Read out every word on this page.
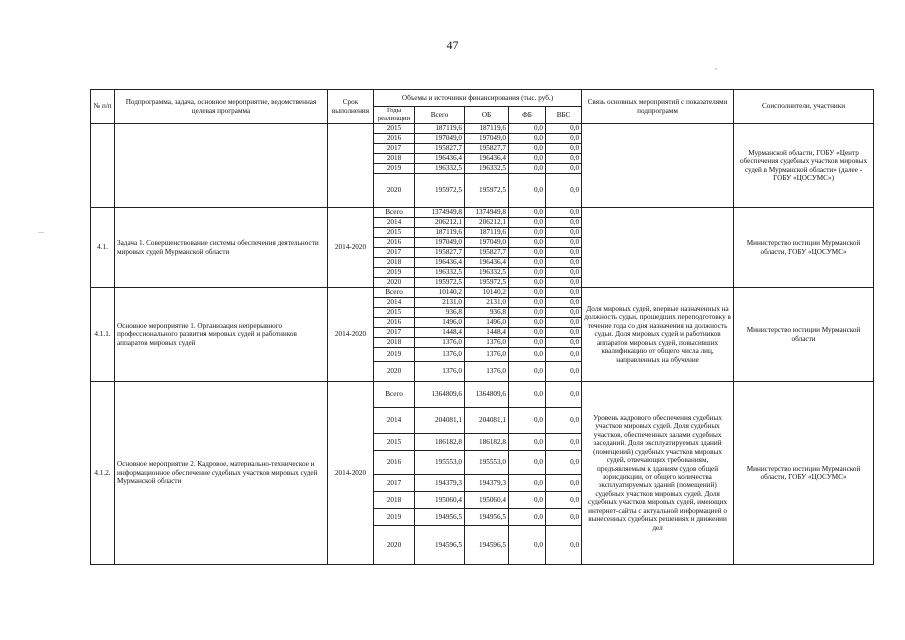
47
,
...
№ п/п	Подпрограмма, задача, основное мероприятие, ведомственная целевая программа	Срок выполнения	Объемы и источники финансирования (тыс. руб.)					Связь основных мероприятий с показателями подпрограмм	Соисполнители, участники
			Годы реализации	Всего	ОБ	ФБ	ВБС		
			2015	187119,6	187119,6	0,0	0,0		Мурманской области, ГОБУ «Центр обеспечения судебных участков мировых судей в Мурманской области» (далее - ГОБУ «ЦОСУМС»)
			2016	197049,0	197049,0	0,0	0,0		
			2017	195827,7	195827,7	0,0	0,0		
			2018	196436,4	196436,4	0,0	0,0		
			2019	196332,5	196332,5	0,0	0,0		
			2020	195972,5	195972,5	0,0	0,0		
4.1.	Задача 1. Совершенствование системы обеспечения деятельности мировых судей Мурманской области	2014-2020	Всего	1374949,8	1374949,8	0,0	0,0		Министерство юстиции Мурманской области, ГОБУ «ЦОСУМС»
			2014	206212,1	206212,1	0,0	0,0		
			2015	187119,6	187119,6	0,0	0,0		
			2016	197049,0	197049,0	0,0	0,0		
			2017	195827,7	195827,7	0,0	0,0		
			2018	196436,4	196436,4	0,0	0,0		
			2019	196332,5	196332,5	0,0	0,0		
			2020	195972,5	195972,5	0,0	0,0		
4.1.1.	Основное мероприятие 1. Организация непрерывного профессионального развития мировых судей и работников аппаратов мировых судей	2014-2020	Всего	10140,2	10140,2	0,0	0,0	Доля мировых судей, впервые назначенных на должность судьи, прошедших переподготовку в течение года со дня назначения на должность судьи. Доля мировых судей и работников аппаратов мировых судей, повысивших квалификацию от общего числа лиц, направленных на обучение	Министерство юстиции Мурманской области
			2014	2131,0	2131,0	0,0	0,0		
			2015	936,8	936,8	0,0	0,0		
			2016	1496,0	1496,0	0,0	0,0		
			2017	1448,4	1448,4	0,0	0,0		
			2018	1376,0	1376,0	0,0	0,0		
			2019	1376,0	1376,0	0,0	0,0		
			2020	1376,0	1376,0	0,0	0,0		
4.1.2.	Основное мероприятие 2. Кадровое, материально-техническое и информационное обеспечение судебных участков мировых судей Мурманской области	2014-2020	Всего	1364809,6	1364809,6	0,0	0,0	Уровень кадрового обеспечения судебных участков мировых судей. Доля судебных участков, обеспеченных залами судебных заседаний. Доля эксплуатируемых зданий (помещений) судебных участков мировых судей, отвечающих требованиям, предъявляемым к зданиям судов общей юрисдикции, от общего количества эксплуатируемых зданий (помещений) судебных участков мировых судей. Доля судебных участков мировых судей, имеющих интернет-сайты с актуальной информацией о вынесенных судебных решениях и движении дел	Министерство юстиции Мурманской области, ГОБУ «ЦОСУМС»
			2014	204081,1	204081,1	0,0	0,0		
			2015	186182,8	186182,8	0,0	0,0		
			2016	195553,0	195553,0	0,0	0,0		
			2017	194379,3	194379,3	0,0	0,0		
			2018	195060,4	195060,4	0,0	0,0		
			2019	194956,5	194956,5	0,0	0,0		
			2020	194596,5	194596,5	0,0	0,0		
